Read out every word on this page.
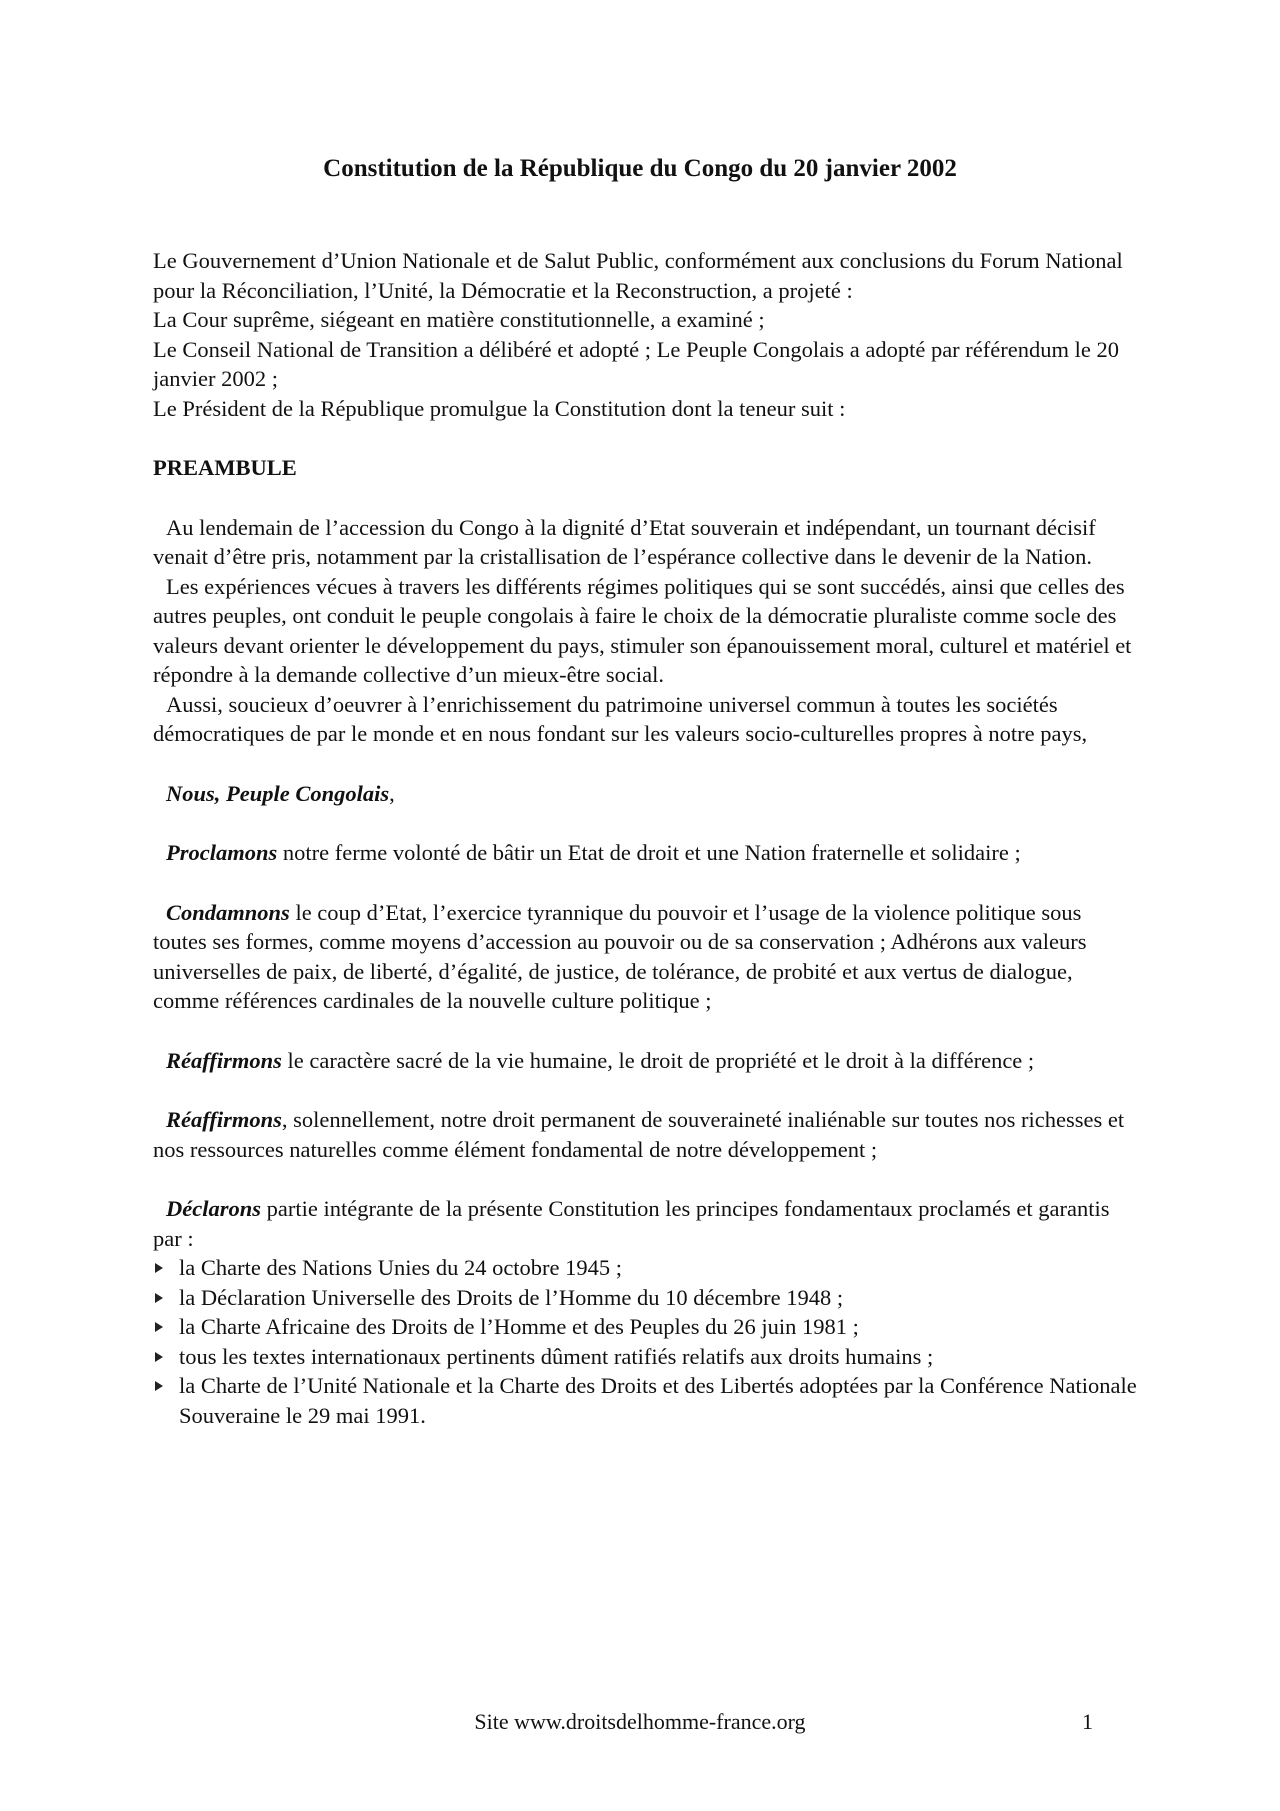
Constitution de la République du Congo du 20 janvier 2002

Le Gouvernement d’Union Nationale et de Salut Public, conformément aux conclusions du Forum National pour la Réconciliation, l’Unité, la Démocratie et la Reconstruction, a projeté :

La Cour suprême, siégeant en matière constitutionnelle, a examiné ;

Le Conseil National de Transition a délibéré et adopté ; Le Peuple Congolais a adopté par référendum le 20 janvier 2002 ;

Le Président de la République promulgue la Constitution dont la teneur suit :

PREAMBULE

Au lendemain de l’accession du Congo à la dignité d’Etat souverain et indépendant, un tournant décisif venait d’être pris, notamment par la cristallisation de l’espérance collective dans le devenir de la Nation.

Les expériences vécues à travers les différents régimes politiques qui se sont succédés, ainsi que celles des autres peuples, ont conduit le peuple congolais à faire le choix de la démocratie pluraliste comme socle des valeurs devant orienter le développement du pays, stimuler son épanouissement moral, culturel et matériel et répondre à la demande collective d’un mieux-être social.

Aussi, soucieux d’oeuvrer à l’enrichissement du patrimoine universel commun à toutes les sociétés démocratiques de par le monde et en nous fondant sur les valeurs socio-culturelles propres à notre pays,

Nous, Peuple Congolais,

Proclamons notre ferme volonté de bâtir un Etat de droit et une Nation fraternelle et solidaire ;

Condamnons le coup d’Etat, l’exercice tyrannique du pouvoir et l’usage de la violence politique sous toutes ses formes, comme moyens d’accession au pouvoir ou de sa conservation ; Adhérons aux valeurs universelles de paix, de liberté, d’égalité, de justice, de tolérance, de probité et aux vertus de dialogue, comme références cardinales de la nouvelle culture politique ;

Réaffirmons le caractère sacré de la vie humaine, le droit de propriété et le droit à la différence ;

Réaffirmons, solennellement, notre droit permanent de souveraineté inaliénable sur toutes nos richesses et nos ressources naturelles comme élément fondamental de notre développement ;

Déclarons partie intégrante de la présente Constitution les principes fondamentaux proclamés et garantis par :

la Charte des Nations Unies du 24 octobre 1945 ;

la Déclaration Universelle des Droits de l’Homme du 10 décembre 1948 ;

la Charte Africaine des Droits de l’Homme et des Peuples du 26 juin 1981 ;

tous les textes internationaux pertinents dûment ratifiés relatifs aux droits humains ;

la Charte de l’Unité Nationale et la Charte des Droits et des Libertés adoptées par la Conférence Nationale Souveraine le 29 mai 1991.

Site www.droitsdelhomme-france.org	1
